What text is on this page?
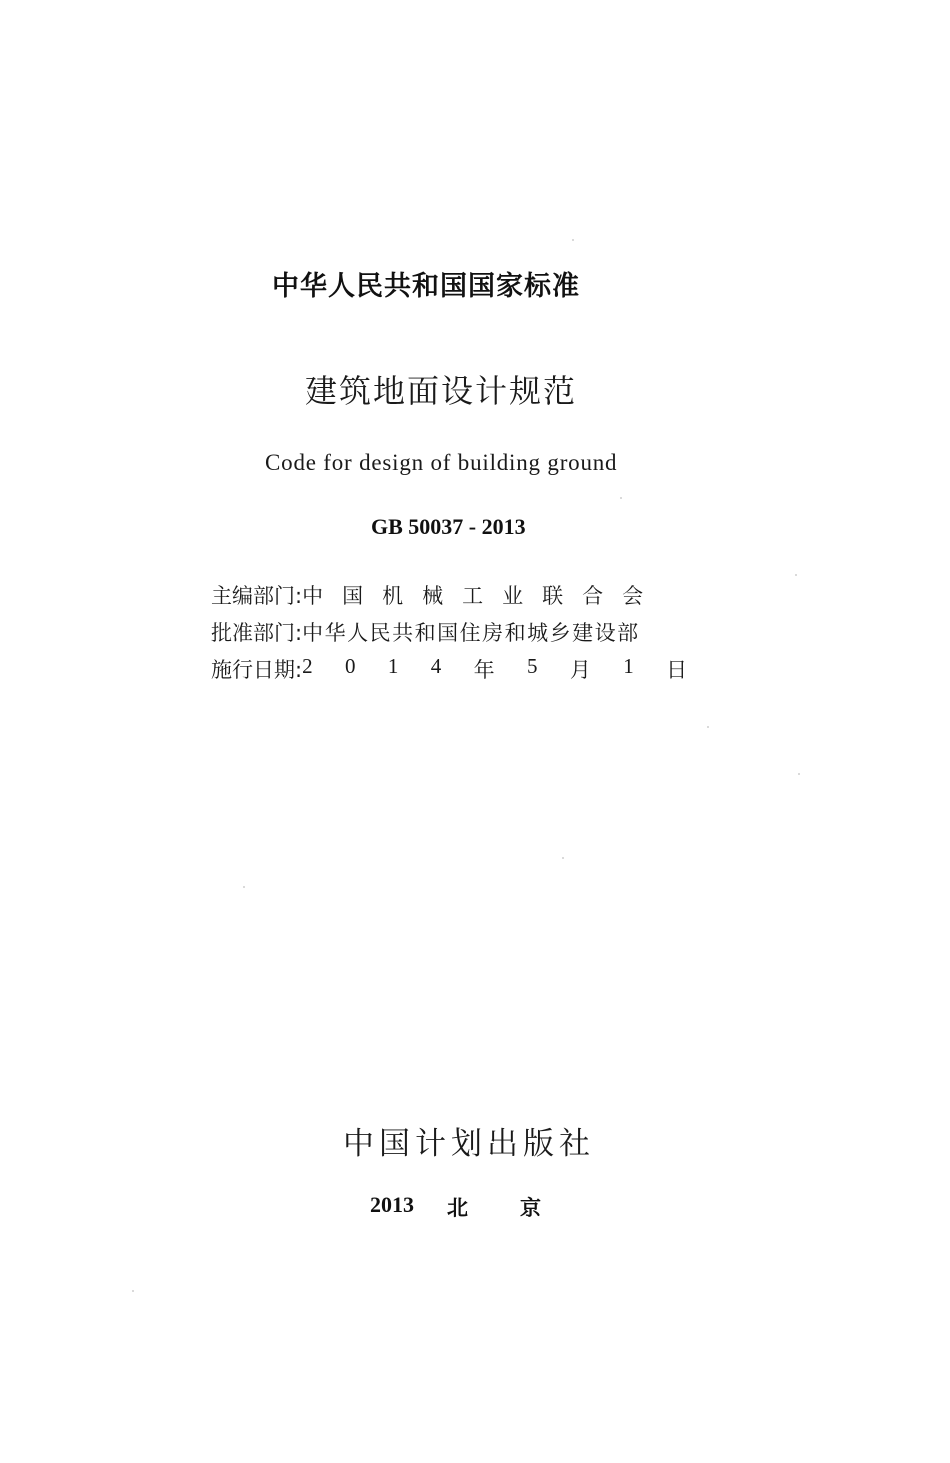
中华人民共和国国家标准
建筑地面设计规范
Code for design of building ground
GB 50037 - 2013
主编部门: 中国机械工业联合会
批准部门: 中华人民共和国住房和城乡建设部
施行日期: 2 0 1 4 年 5 月 1 日
中国计划出版社
2013 北京
